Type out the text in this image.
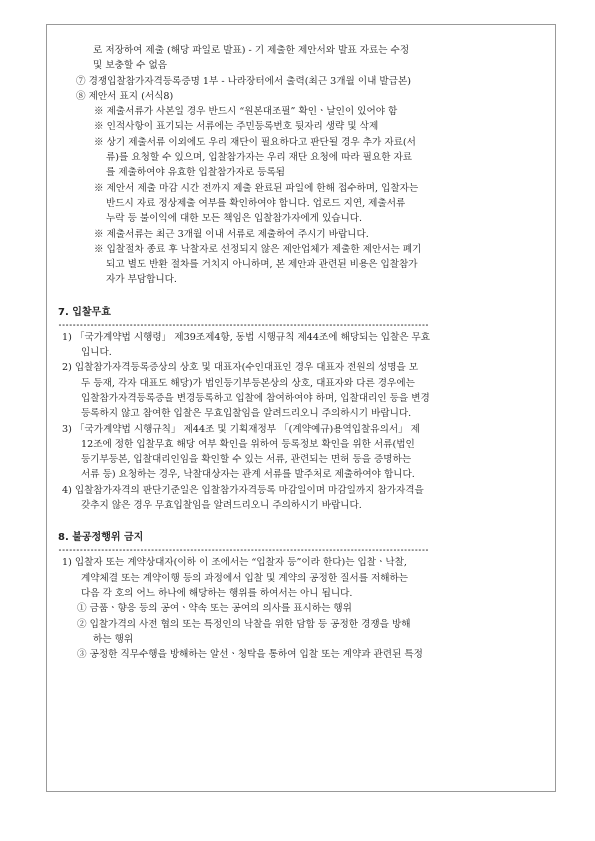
로 저장하여 제출 (해당 파일로 발표) - 기 제출한 제안서와 발표 자료는 수정
및 보충할 수 없음
⑦ 경쟁입찰참가자격등록증명 1부 - 나라장터에서 출력(최근 3개월 이내 발급본)
⑧ 제안서 표지 (서식8)
※ 제출서류가 사본일 경우 반드시 “원본대조필” 확인ㆍ날인이 있어야 함
※ 인적사항이 표기되는 서류에는 주민등록번호 뒷자리 생략 및 삭제
※ 상기 제출서류 이외에도 우리 재단이 필요하다고 판단될 경우 추가 자료(서
류)를 요청할 수 있으며, 입찰참가자는 우리 재단 요청에 따라 필요한 자료
를 제출하여야 유효한 입찰참가자로 등록됨
※ 제안서 제출 마감 시간 전까지 제출 완료된 파일에 한해 접수하며, 입찰자는
반드시 자료 정상제출 여부를 확인하여야 합니다. 업로드 지연, 제출서류
누락 등 불이익에 대한 모든 책임은 입찰참가자에게 있습니다.
※ 제출서류는 최근 3개월 이내 서류로 제출하여 주시기 바랍니다.
※ 입찰절차 종료 후 낙찰자로 선정되지 않은 제안업체가 제출한 제안서는 폐기
되고 별도 반환 절차를 거치지 아니하며, 본 제안과 관련된 비용은 입찰참가
자가 부담합니다.
7. 입찰무효
--------------------------------------------------------------------------------------------------------
1) 「국가계약법 시행령」 제39조제4항, 동법 시행규칙 제44조에 해당되는 입찰은 무효
입니다.
2) 입찰참가자격등록증상의 상호 및 대표자(수인대표인 경우 대표자 전원의 성명을 모
두 등재, 각자 대표도 해당)가 법인등기부등본상의 상호, 대표자와 다른 경우에는
입찰참가자격등록증을 변경등록하고 입찰에 참여하여야 하며, 입찰대리인 등을 변경
등록하지 않고 참여한 입찰은 무효입찰임을 알려드리오니 주의하시기 바랍니다.
3) 「국가계약법 시행규칙」 제44조 및 기획재정부 「(계약예규)용역입찰유의서」 제
12조에 정한 입찰무효 해당 여부 확인을 위하여 등록정보 확인을 위한 서류(법인
등기부등본, 입찰대리인임을 확인할 수 있는 서류, 관련되는 면허 등을 증명하는
서류 등) 요청하는 경우, 낙찰대상자는 관계 서류를 발주처로 제출하여야 합니다.
4) 입찰참가자격의 판단기준일은 입찰참가자격등록 마감일이며 마감일까지 참가자격을
갖추지 않은 경우 무효입찰임을 알려드리오니 주의하시기 바랍니다.
8. 불공정행위 금지
--------------------------------------------------------------------------------------------------------
1) 입찰자 또는 계약상대자(이하 이 조에서는 “입찰자 등”이라 한다)는 입찰ㆍ낙찰,
계약체결 또는 계약이행 등의 과정에서 입찰 및 계약의 공정한 질서를 저해하는
다음 각 호의 어느 하나에 해당하는 행위를 하여서는 아니 됩니다.
① 금품ㆍ향응 등의 공여ㆍ약속 또는 공여의 의사를 표시하는 행위
② 입찰가격의 사전 협의 또는 특정인의 낙찰을 위한 담합 등 공정한 경쟁을 방해
하는 행위
③ 공정한 직무수행을 방해하는 알선ㆍ청탁을 통하여 입찰 또는 계약과 관련된 특정
